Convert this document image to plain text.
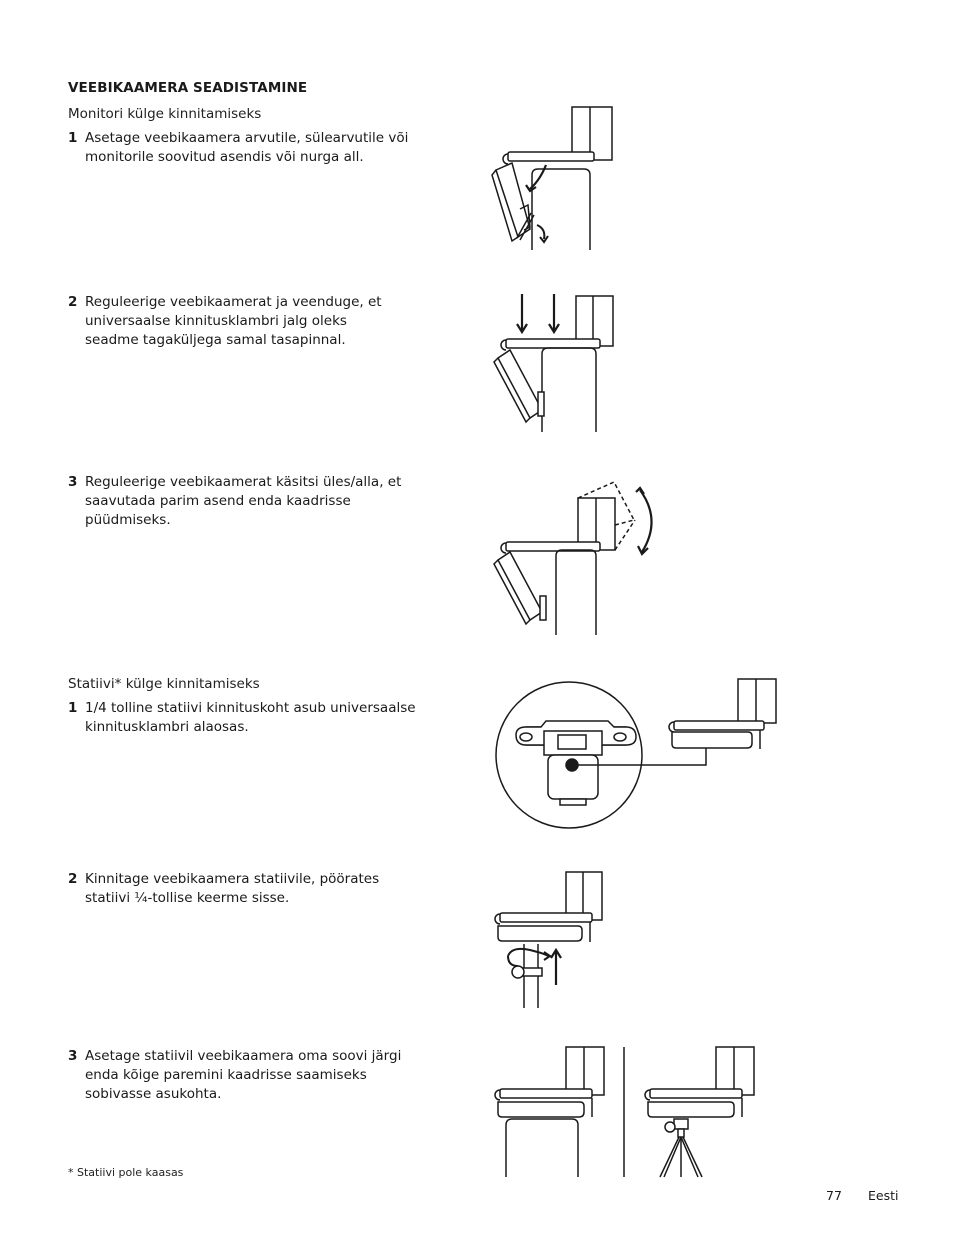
VEEBIKAAMERA SEADISTAMINE
Monitori külge kinnitamiseks
1 Asetage veebikaamera arvutile, sülearvutile või monitorile soovitud asendis või nurga all.
2 Reguleerige veebikaamerat ja veenduge, et universaalse kinnitusklambri jalg oleks seadme tagaküljega samal tasapinnal.
3 Reguleerige veebikaamerat käsitsi üles/alla, et saavutada parim asend enda kaadrisse püüdmiseks.
Statiivi* külge kinnitamiseks
1 1/4 tolline statiivi kinnituskoht asub universaalse kinnitusklambri alaosas.
2 Kinnitage veebikaamera statiivile, pöörates statiivi ¼-tollise keerme sisse.
3 Asetage statiivil veebikaamera oma soovi järgi enda kõige paremini kaadrisse saamiseks sobivasse asukohta.
* Statiivi pole kaasas
77 Eesti
